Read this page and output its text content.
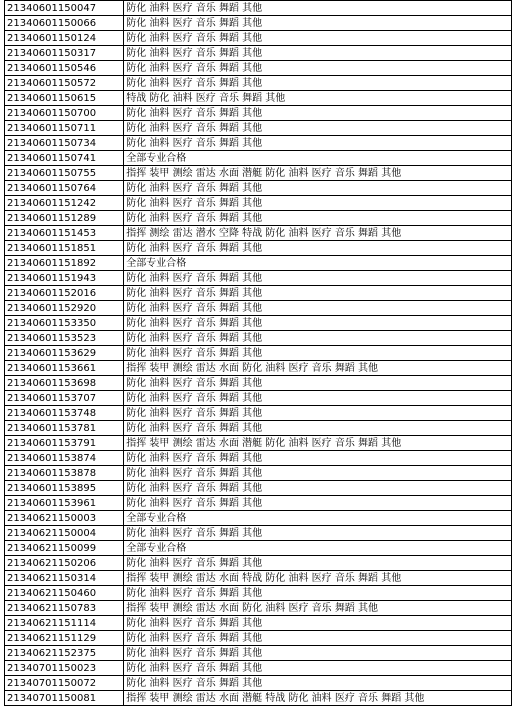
21340601150047	防化 油料 医疗 音乐 舞蹈 其他
21340601150066	防化 油料 医疗 音乐 舞蹈 其他
21340601150124	防化 油料 医疗 音乐 舞蹈 其他
21340601150317	防化 油料 医疗 音乐 舞蹈 其他
21340601150546	防化 油料 医疗 音乐 舞蹈 其他
21340601150572	防化 油料 医疗 音乐 舞蹈 其他
21340601150615	特战 防化 油料 医疗 音乐 舞蹈 其他
21340601150700	防化 油料 医疗 音乐 舞蹈 其他
21340601150711	防化 油料 医疗 音乐 舞蹈 其他
21340601150734	防化 油料 医疗 音乐 舞蹈 其他
21340601150741	全部专业合格
21340601150755	指挥 装甲 测绘 雷达 水面 潜艇 防化 油料 医疗 音乐 舞蹈 其他
21340601150764	防化 油料 医疗 音乐 舞蹈 其他
21340601151242	防化 油料 医疗 音乐 舞蹈 其他
21340601151289	防化 油料 医疗 音乐 舞蹈 其他
21340601151453	指挥 测绘 雷达 潜水 空降 特战 防化 油料 医疗 音乐 舞蹈 其他
21340601151851	防化 油料 医疗 音乐 舞蹈 其他
21340601151892	全部专业合格
21340601151943	防化 油料 医疗 音乐 舞蹈 其他
21340601152016	防化 油料 医疗 音乐 舞蹈 其他
21340601152920	防化 油料 医疗 音乐 舞蹈 其他
21340601153350	防化 油料 医疗 音乐 舞蹈 其他
21340601153523	防化 油料 医疗 音乐 舞蹈 其他
21340601153629	防化 油料 医疗 音乐 舞蹈 其他
21340601153661	指挥 装甲 测绘 雷达 水面 防化 油料 医疗 音乐 舞蹈 其他
21340601153698	防化 油料 医疗 音乐 舞蹈 其他
21340601153707	防化 油料 医疗 音乐 舞蹈 其他
21340601153748	防化 油料 医疗 音乐 舞蹈 其他
21340601153781	防化 油料 医疗 音乐 舞蹈 其他
21340601153791	指挥 装甲 测绘 雷达 水面 潜艇 防化 油料 医疗 音乐 舞蹈 其他
21340601153874	防化 油料 医疗 音乐 舞蹈 其他
21340601153878	防化 油料 医疗 音乐 舞蹈 其他
21340601153895	防化 油料 医疗 音乐 舞蹈 其他
21340601153961	防化 油料 医疗 音乐 舞蹈 其他
21340621150003	全部专业合格
21340621150004	防化 油料 医疗 音乐 舞蹈 其他
21340621150099	全部专业合格
21340621150206	防化 油料 医疗 音乐 舞蹈 其他
21340621150314	指挥 装甲 测绘 雷达 水面 特战 防化 油料 医疗 音乐 舞蹈 其他
21340621150460	防化 油料 医疗 音乐 舞蹈 其他
21340621150783	指挥 装甲 测绘 雷达 水面 防化 油料 医疗 音乐 舞蹈 其他
21340621151114	防化 油料 医疗 音乐 舞蹈 其他
21340621151129	防化 油料 医疗 音乐 舞蹈 其他
21340621152375	防化 油料 医疗 音乐 舞蹈 其他
21340701150023	防化 油料 医疗 音乐 舞蹈 其他
21340701150072	防化 油料 医疗 音乐 舞蹈 其他
21340701150081	指挥 装甲 测绘 雷达 水面 潜艇 特战 防化 油料 医疗 音乐 舞蹈 其他
